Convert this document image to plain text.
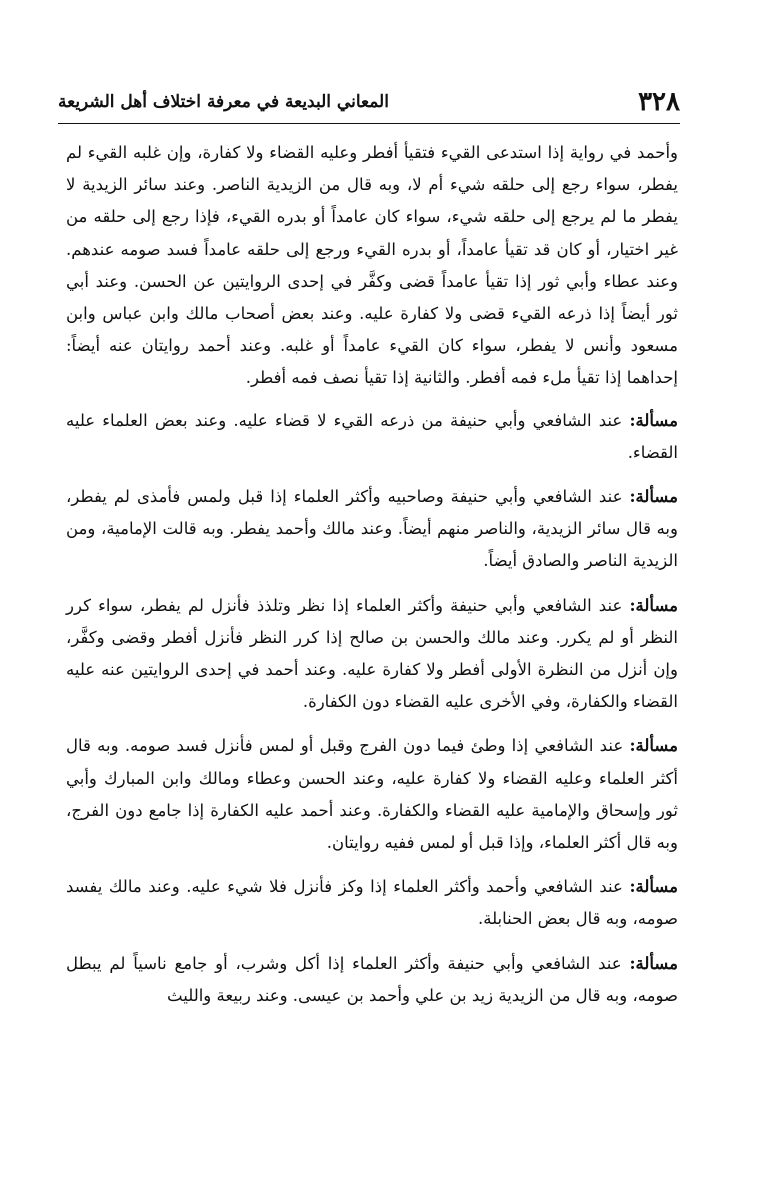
٣٢٨
المعاني البديعة في معرفة اختلاف أهل الشريعة

وأحمد في رواية إذا استدعى القيء فتقيأ أفطر وعليه القضاء ولا كفارة، وإن غلبه القيء لم يفطر، سواء رجع إلى حلقه شيء أم لا، وبه قال من الزيدية الناصر. وعند سائر الزيدية لا يفطر ما لم يرجع إلى حلقه شيء، سواء كان عامداً أو بدره القيء، فإذا رجع إلى حلقه من غير اختيار، أو كان قد تقيأ عامداً، أو بدره القيء ورجع إلى حلقه عامداً فسد صومه عندهم. وعند عطاء وأبي ثور إذا تقيأ عامداً قضى وكفَّر في إحدى الروايتين عن الحسن. وعند أبي ثور أيضاً إذا ذرعه القيء قضى ولا كفارة عليه. وعند بعض أصحاب مالك وابن عباس وابن مسعود وأنس لا يفطر، سواء كان القيء عامداً أو غلبه. وعند أحمد روايتان عنه أيضاً: إحداهما إذا تقيأ ملء فمه أفطر. والثانية إذا تقيأ نصف فمه أفطر.

مسألة: عند الشافعي وأبي حنيفة من ذرعه القيء لا قضاء عليه. وعند بعض العلماء عليه القضاء.

مسألة: عند الشافعي وأبي حنيفة وصاحبيه وأكثر العلماء إذا قبل ولمس فأمذى لم يفطر، وبه قال سائر الزيدية، والناصر منهم أيضاً. وعند مالك وأحمد يفطر. وبه قالت الإمامية، ومن الزيدية الناصر والصادق أيضاً.

مسألة: عند الشافعي وأبي حنيفة وأكثر العلماء إذا نظر وتلذذ فأنزل لم يفطر، سواء كرر النظر أو لم يكرر. وعند مالك والحسن بن صالح إذا كرر النظر فأنزل أفطر وقضى وكفَّر، وإن أنزل من النظرة الأولى أفطر ولا كفارة عليه. وعند أحمد في إحدى الروايتين عنه عليه القضاء والكفارة، وفي الأخرى عليه القضاء دون الكفارة.

مسألة: عند الشافعي إذا وطئ فيما دون الفرج وقبل أو لمس فأنزل فسد صومه. وبه قال أكثر العلماء وعليه القضاء ولا كفارة عليه، وعند الحسن وعطاء ومالك وابن المبارك وأبي ثور وإسحاق والإمامية عليه القضاء والكفارة. وعند أحمد عليه الكفارة إذا جامع دون الفرج، وبه قال أكثر العلماء، وإذا قبل أو لمس ففيه روايتان.

مسألة: عند الشافعي وأحمد وأكثر العلماء إذا وكز فأنزل فلا شيء عليه. وعند مالك يفسد صومه، وبه قال بعض الحنابلة.

مسألة: عند الشافعي وأبي حنيفة وأكثر العلماء إذا أكل وشرب، أو جامع ناسياً لم يبطل صومه، وبه قال من الزيدية زيد بن علي وأحمد بن عيسى. وعند ربيعة والليث
